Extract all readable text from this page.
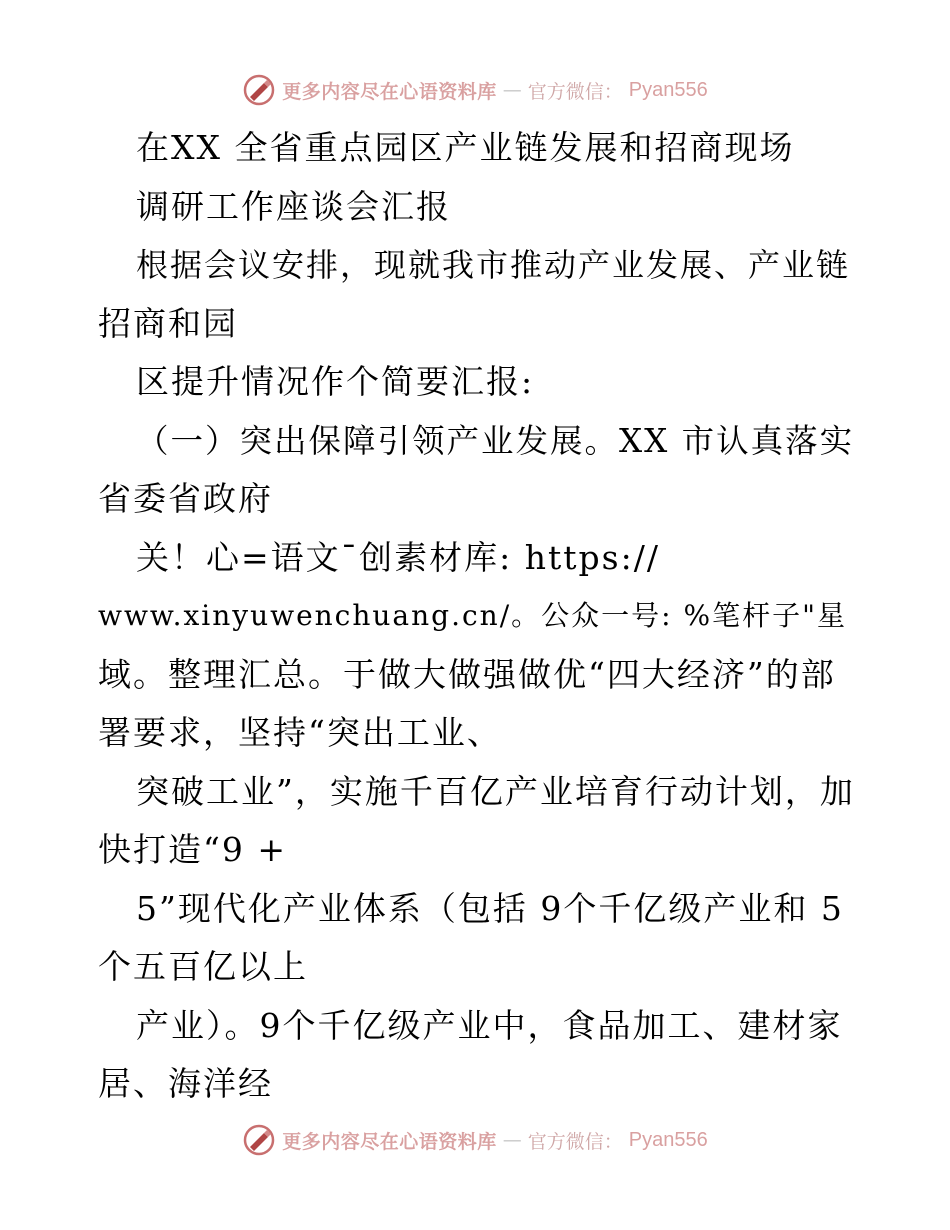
更多内容尽在心语资料库 — 官方微信： Pyan556
在XX 全省重点园区产业链发展和招商现场
调研工作座谈会汇报
根据会议安排，现就我市推动产业发展、产业链
招商和园
区提升情况作个简要汇报:
（一）突出保障引领产业发展。XX 市认真落实
省委省政府
关！心=语文¯创素材库: https://
www.xinyuwenchuang.cn/。公众一号: %笔杆子"星
域。整理汇总。于做大做强做优“四大经济”的部
署要求，坚持“突出工业、
突破工业”，实施千百亿产业培育行动计划，加
快打造“9 +
5”现代化产业体系（包括 9个千亿级产业和 5
个五百亿以上
产业）。9个千亿级产业中，食品加工、建材家
居、海洋经
更多内容尽在心语资料库 — 官方微信： Pyan556
